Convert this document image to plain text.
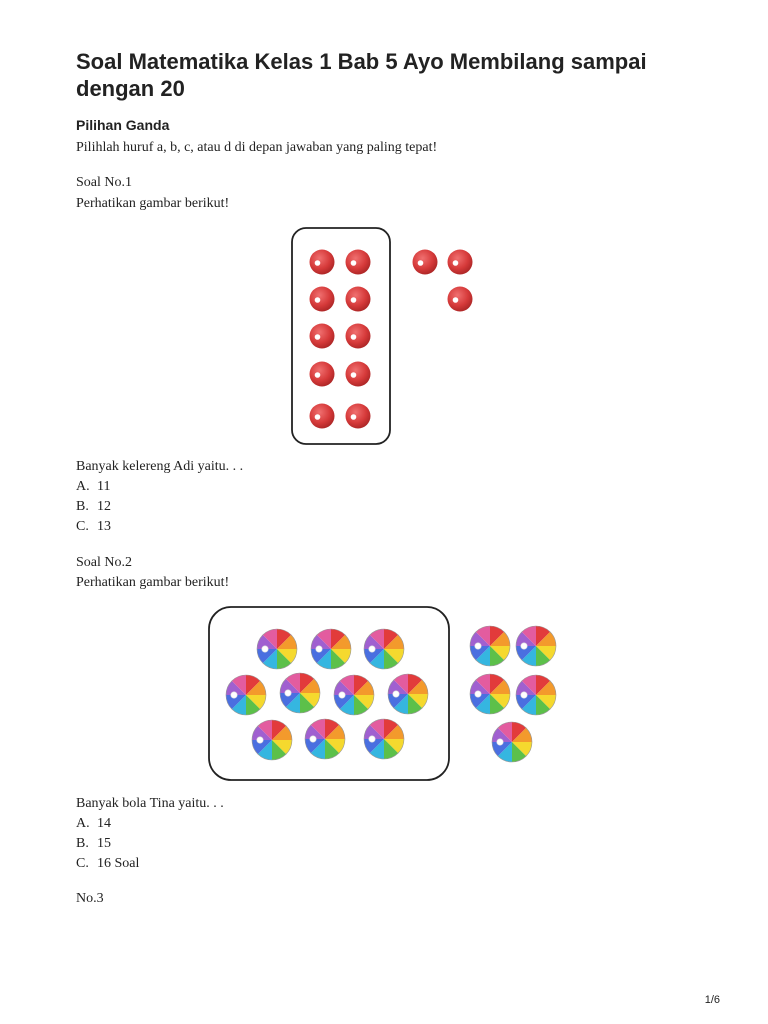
Soal Matematika Kelas 1 Bab 5 Ayo Membilang sampai dengan 20
Pilihan Ganda
Pilihlah huruf a, b, c, atau d di depan jawaban yang paling tepat!
Soal No.1
Perhatikan gambar berikut!
Banyak kelereng Adi yaitu. . .
A. 11
B. 12
C. 13
Soal No.2
Perhatikan gambar berikut!
Banyak bola Tina yaitu. . .
A. 14
B. 15
C. 16 Soal
No.3
1/6
